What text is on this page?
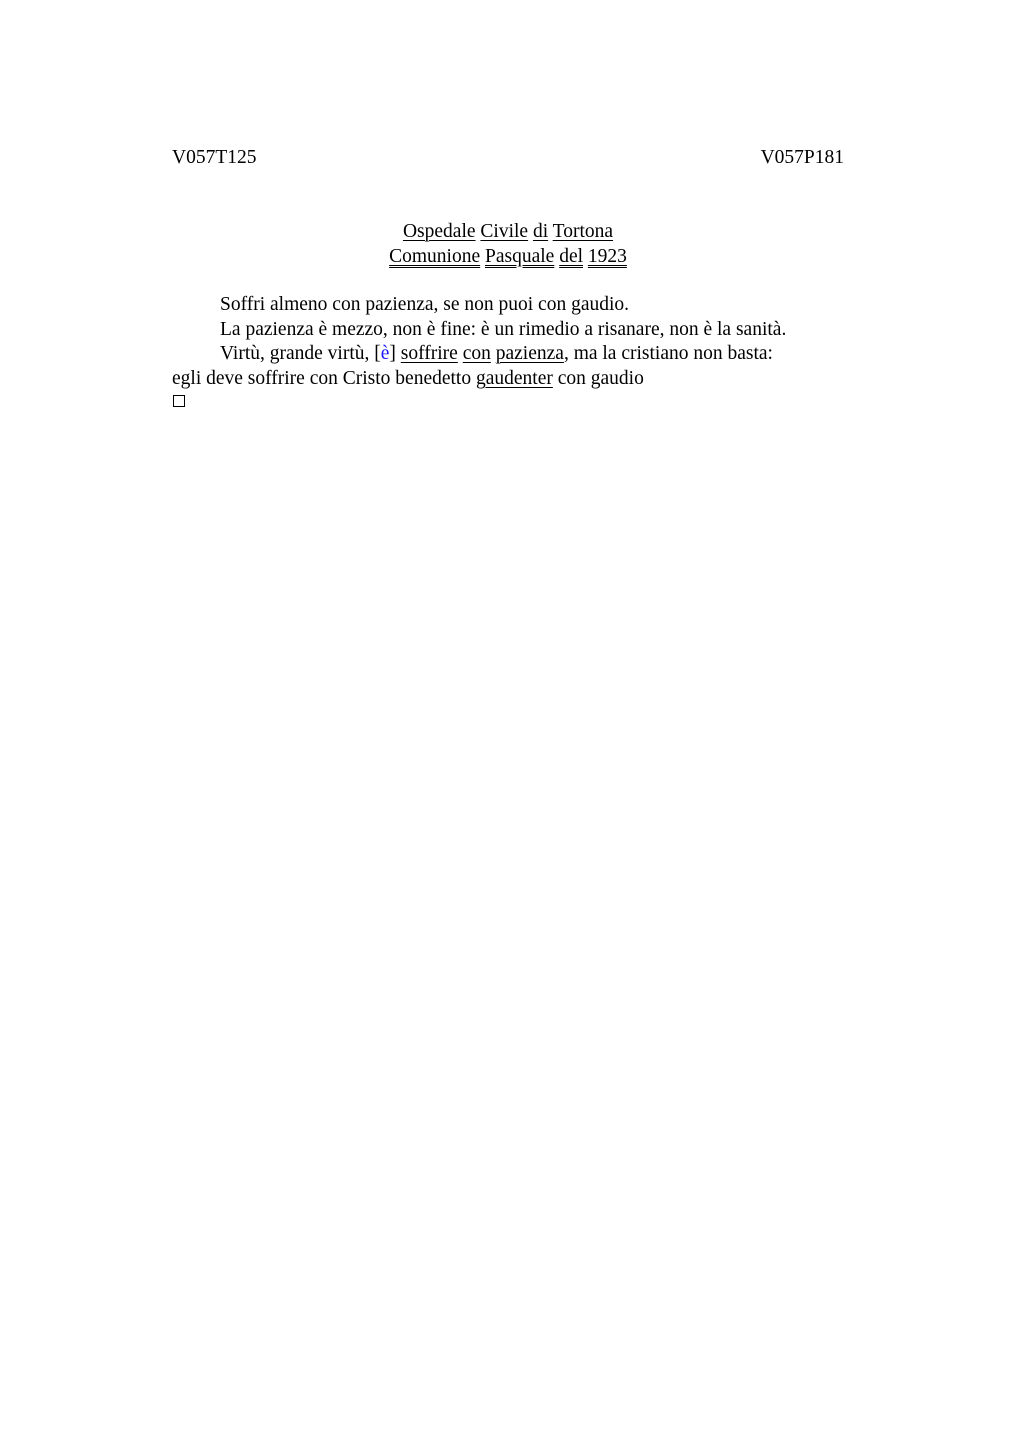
V057T125	V057P181
Ospedale Civile di Tortona
Comunione Pasquale del 1923
Soffri almeno con pazienza, se non puoi con gaudio.
La pazienza è mezzo, non è fine: è un rimedio a risanare, non è la sanità.
Virtù, grande virtù, [è] soffrire con pazienza, ma la cristiano non basta:
egli deve soffrire con Cristo benedetto gaudenter con gaudio
